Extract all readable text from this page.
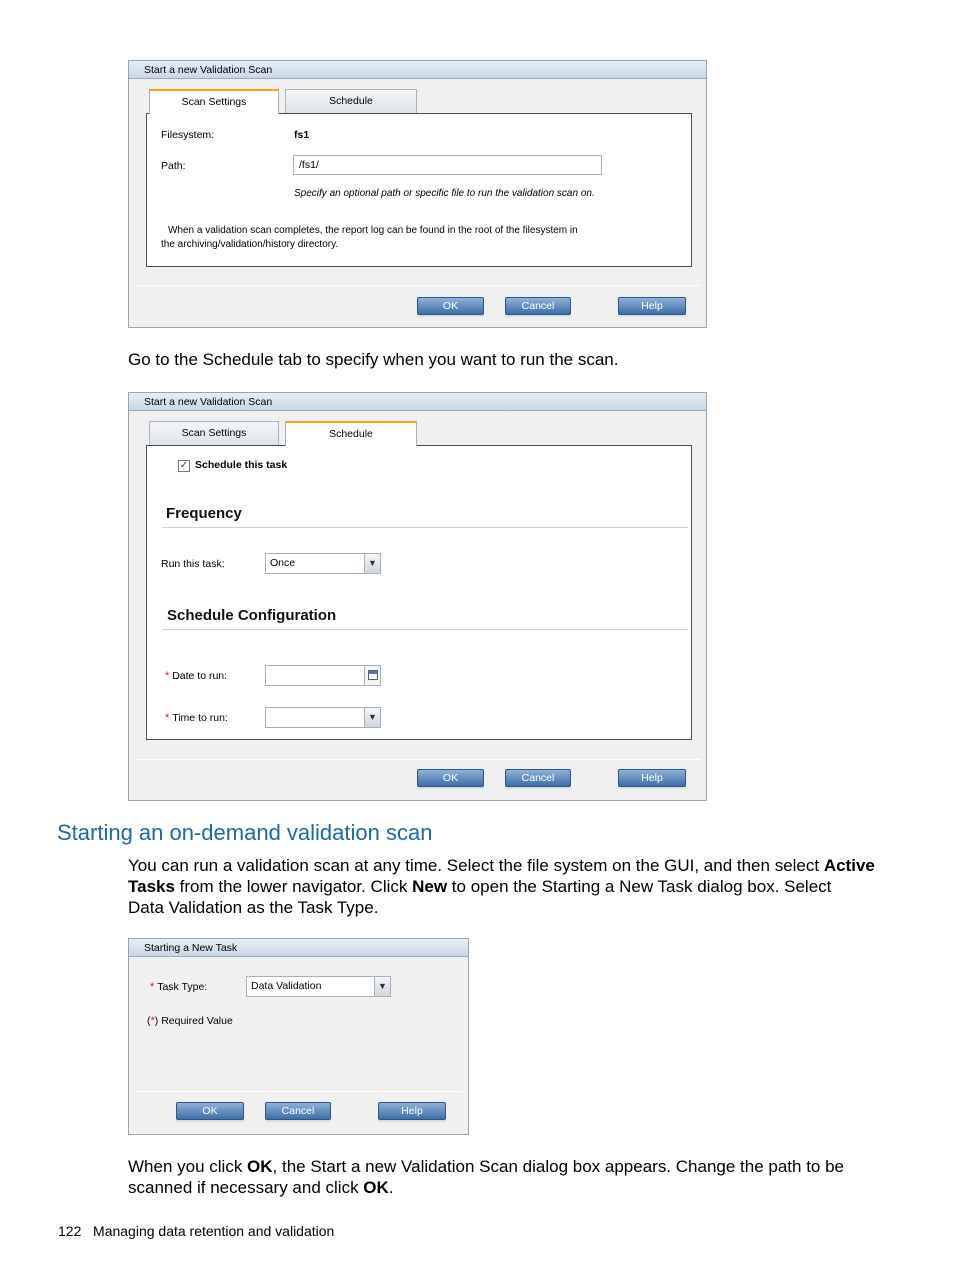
Start a new Validation Scan
Scan Settings	Schedule
Filesystem:	fs1
Path:	/fs1/
Specify an optional path or specific file to run the validation scan on.
When a validation scan completes, the report log can be found in the root of the filesystem in
the archiving/validation/history directory.
OK	Cancel	Help
Go to the Schedule tab to specify when you want to run the scan.
Start a new Validation Scan
Scan Settings	Schedule
✓ Schedule this task
Frequency
Run this task:	Once	▼
Schedule Configuration
* Date to run:
* Time to run:	▼
OK	Cancel	Help
Starting an on-demand validation scan
You can run a validation scan at any time. Select the file system on the GUI, and then select Active
Tasks from the lower navigator. Click New to open the Starting a New Task dialog box. Select
Data Validation as the Task Type.
Starting a New Task
* Task Type:	Data Validation	▼
(*) Required Value
OK	Cancel	Help
When you click OK, the Start a new Validation Scan dialog box appears. Change the path to be
scanned if necessary and click OK.
122 Managing data retention and validation
